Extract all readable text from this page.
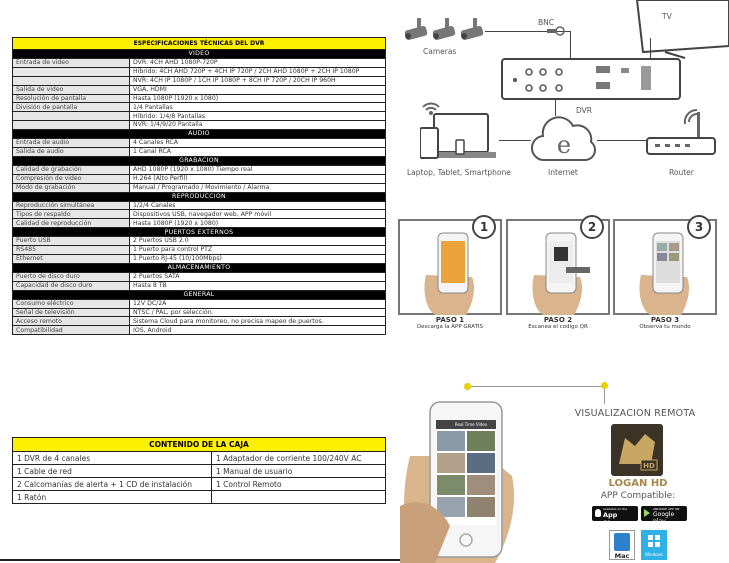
ESPECIFICACIONES TÉCNICAS DEL DVR	
VIDEO	
Entrada de video	DVR: 4CH AHD 1080P-720P
	Híbrido: 4CH AHD 720P + 4CH IP 720P / 2CH AHD 1080P + 2CH IP 1080P
	NVR: 4CH IP 1080P / 1CH IP 1080P + 8CH IP 720P / 20CH IP 960H
Salida de video	VGA, HDMI
Resolución de pantalla	Hasta 1080P (1920 x 1080)
División de pantalla	1/4 Pantallas
	Híbrido: 1/4/8 Pantallas
	NVR: 1/4/9/20 Pantalla
AUDIO	
Entrada de audio	4 Canales RCA
Salida de audio	1 Canal RCA
GRABACIÓN	
Calidad de grabación	AHD 1080P (1920 x 1080) Tiempo real
Compresión de video	H.264 (Alto Perfil)
Modo de grabación	Manual / Programado / Movimiento / Alarma
REPRODUCCIÓN	
Reproducción simultánea	1/2/4 Canales
Tipos de respaldo	Dispositivos USB, navegador web, APP móvil
Calidad de reproducción	Hasta 1080P (1920 x 1080)
PUERTOS EXTERNOS	
Puerto USB	2 Puertos USB 2.0
RS485	1 Puerto para control PTZ
Ethernet	1 Puerto RJ-45 (10/100Mbps)
ALMACENAMIENTO	
Puerto de disco duro	2 Puertos SATA
Capacidad de disco duro	Hasta 8 TB
GENERAL	
Consumo eléctrico	12V DC/2A
Señal de televisión	NTSC / PAL, por selección.
Acceso remoto	Sistema Cloud para monitoreo, no precisa mapeo de puertos.
Compatibilidad	IOS, Android
CONTENIDO DE LA CAJA	
1 DVR de 4 canales	1 Adaptador de corriente 100/240V AC
1 Cable de red	1 Manual de usuario
2 Calcomanías de alerta + 1 CD de instalación	1 Control Remoto
1 Ratón	
Cameras
BNC
TV
DVR
Laptop, Tablet, Smartphone
e
Internet	Router
1
PASO 1
Descarga la APP GRATIS
2
PASO 2
Escanea el codigo QR
3
PASO 3
Observa tu mundo
Real Time Video
VISUALIZACION REMOTA
HD
LOGAN HD
APP Compatible:
Available on the
App Store
ANDROID APP ON
Google play
Mac	Windows
